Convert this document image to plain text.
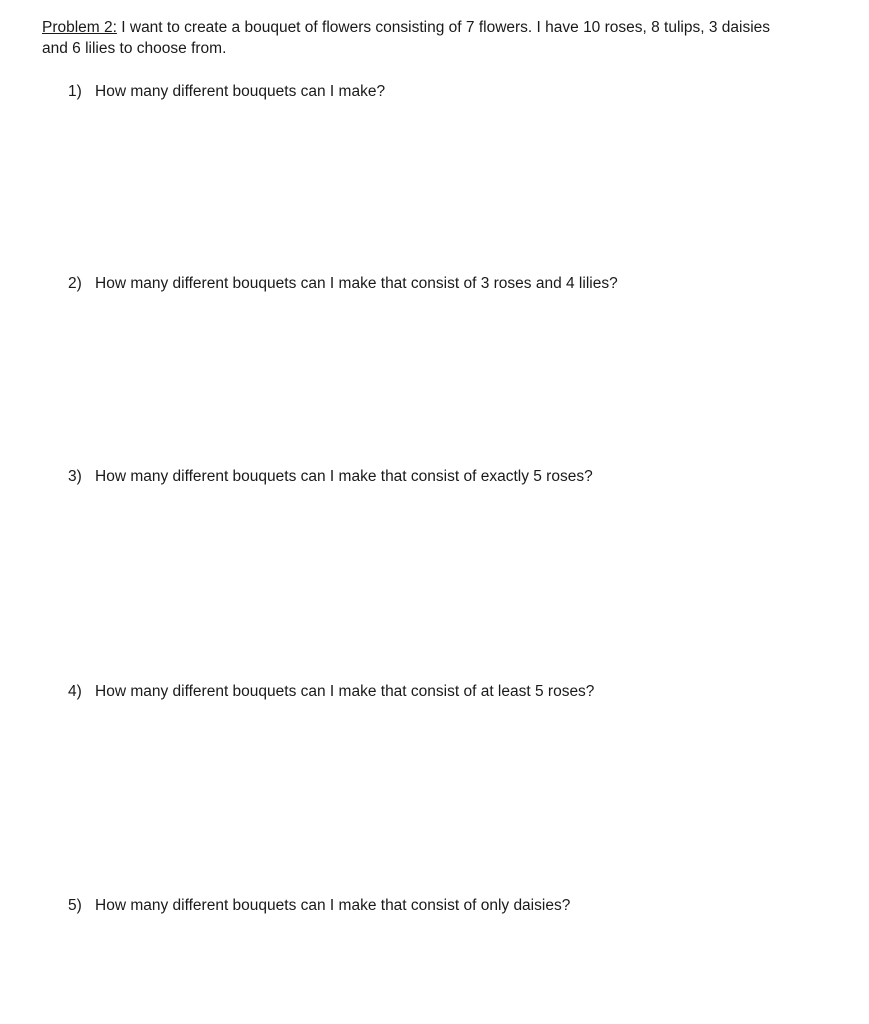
Problem 2: I want to create a bouquet of flowers consisting of 7 flowers. I have 10 roses, 8 tulips, 3 daisies
and 6 lilies to choose from.
1) How many different bouquets can I make?
2) How many different bouquets can I make that consist of 3 roses and 4 lilies?
3) How many different bouquets can I make that consist of exactly 5 roses?
4) How many different bouquets can I make that consist of at least 5 roses?
5) How many different bouquets can I make that consist of only daisies?
